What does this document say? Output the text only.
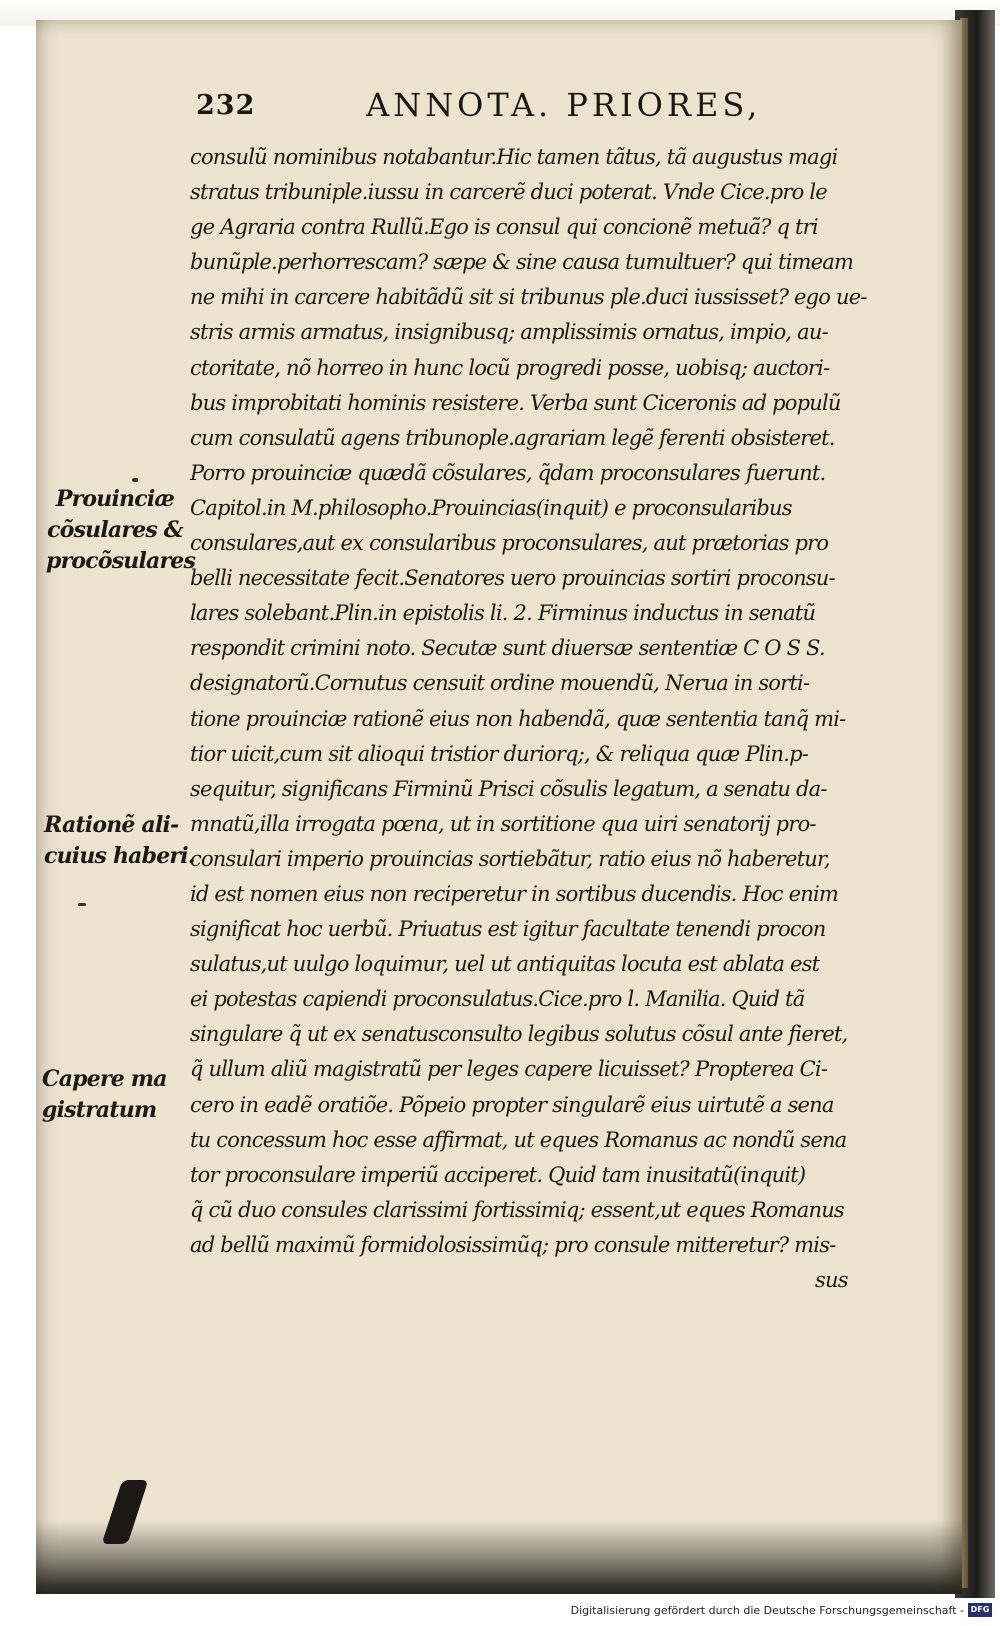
232	ANNOTA. PRIORES,
consulũ nominibus notabantur.Hic tamen tãtus, tã augustus magi
stratus tribuniple.iussu in carcerẽ duci poterat. Vnde Cice.pro le
ge Agraria contra Rullũ.Ego is consul qui concionẽ metuã? q tri
bunũple.perhorrescam? sæpe & sine causa tumultuer? qui timeam
ne mihi in carcere habitãdũ sit si tribunus ple.duci iussisset? ego ue-
stris armis armatus, insignibusq; amplissimis ornatus, impio, au-
ctoritate, nõ horreo in hunc locũ progredi posse, uobisq; auctori-
bus improbitati hominis resistere. Verba sunt Ciceronis ad populũ
cum consulatũ agens tribunople.agrariam legẽ ferenti obsisteret.
Porro prouinciæ quædã cõsulares, q̃dam proconsulares fuerunt.
Capitol.in M.philosopho.Prouincias(inquit) e proconsularibus
consulares,aut ex consularibus proconsulares, aut prætorias pro
belli necessitate fecit.Senatores uero prouincias sortiri proconsu-
lares solebant.Plin.in epistolis li. 2. Firminus inductus in senatũ
respondit crimini noto. Secutæ sunt diuersæ sententiæ C O S S.
designatorũ.Cornutus censuit ordine mouendũ, Nerua in sorti-
tione prouinciæ rationẽ eius non habendã, quæ sententia tanq̃ mi-
tior uicit,cum sit alioqui tristior duriorq;, & reliqua quæ Plin.p-
sequitur, significans Firminũ Prisci cõsulis legatum, a senatu da-
mnatũ,illa irrogata pœna, ut in sortitione qua uiri senatorij pro-
consulari imperio prouincias sortiebãtur, ratio eius nõ haberetur,
id est nomen eius non reciperetur in sortibus ducendis. Hoc enim
significat hoc uerbũ. Priuatus est igitur facultate tenendi procon
sulatus,ut uulgo loquimur, uel ut antiquitas locuta est ablata est
ei potestas capiendi proconsulatus.Cice.pro l. Manilia. Quid tã
singulare q̃ ut ex senatusconsulto legibus solutus cõsul ante fieret,
q̃ ullum aliũ magistratũ per leges capere licuisset? Propterea Ci-
cero in eadẽ oratiõe. Põpeio propter singularẽ eius uirtutẽ a sena
tu concessum hoc esse affirmat, ut eques Romanus ac nondũ sena
tor proconsulare imperiũ acciperet. Quid tam inusitatũ(inquit)
q̃ cũ duo consules clarissimi fortissimiq; essent,ut eques Romanus
ad bellũ maximũ formidolosissimũq; pro consule mitteretur? mis-
sus
Prouinciæ
cõsulares &
procõsulares
Rationẽ ali-
cuius haberi.
Capere ma
gistratum
Digitalisierung gefördert durch die Deutsche Forschungsgemeinschaft - DFG
